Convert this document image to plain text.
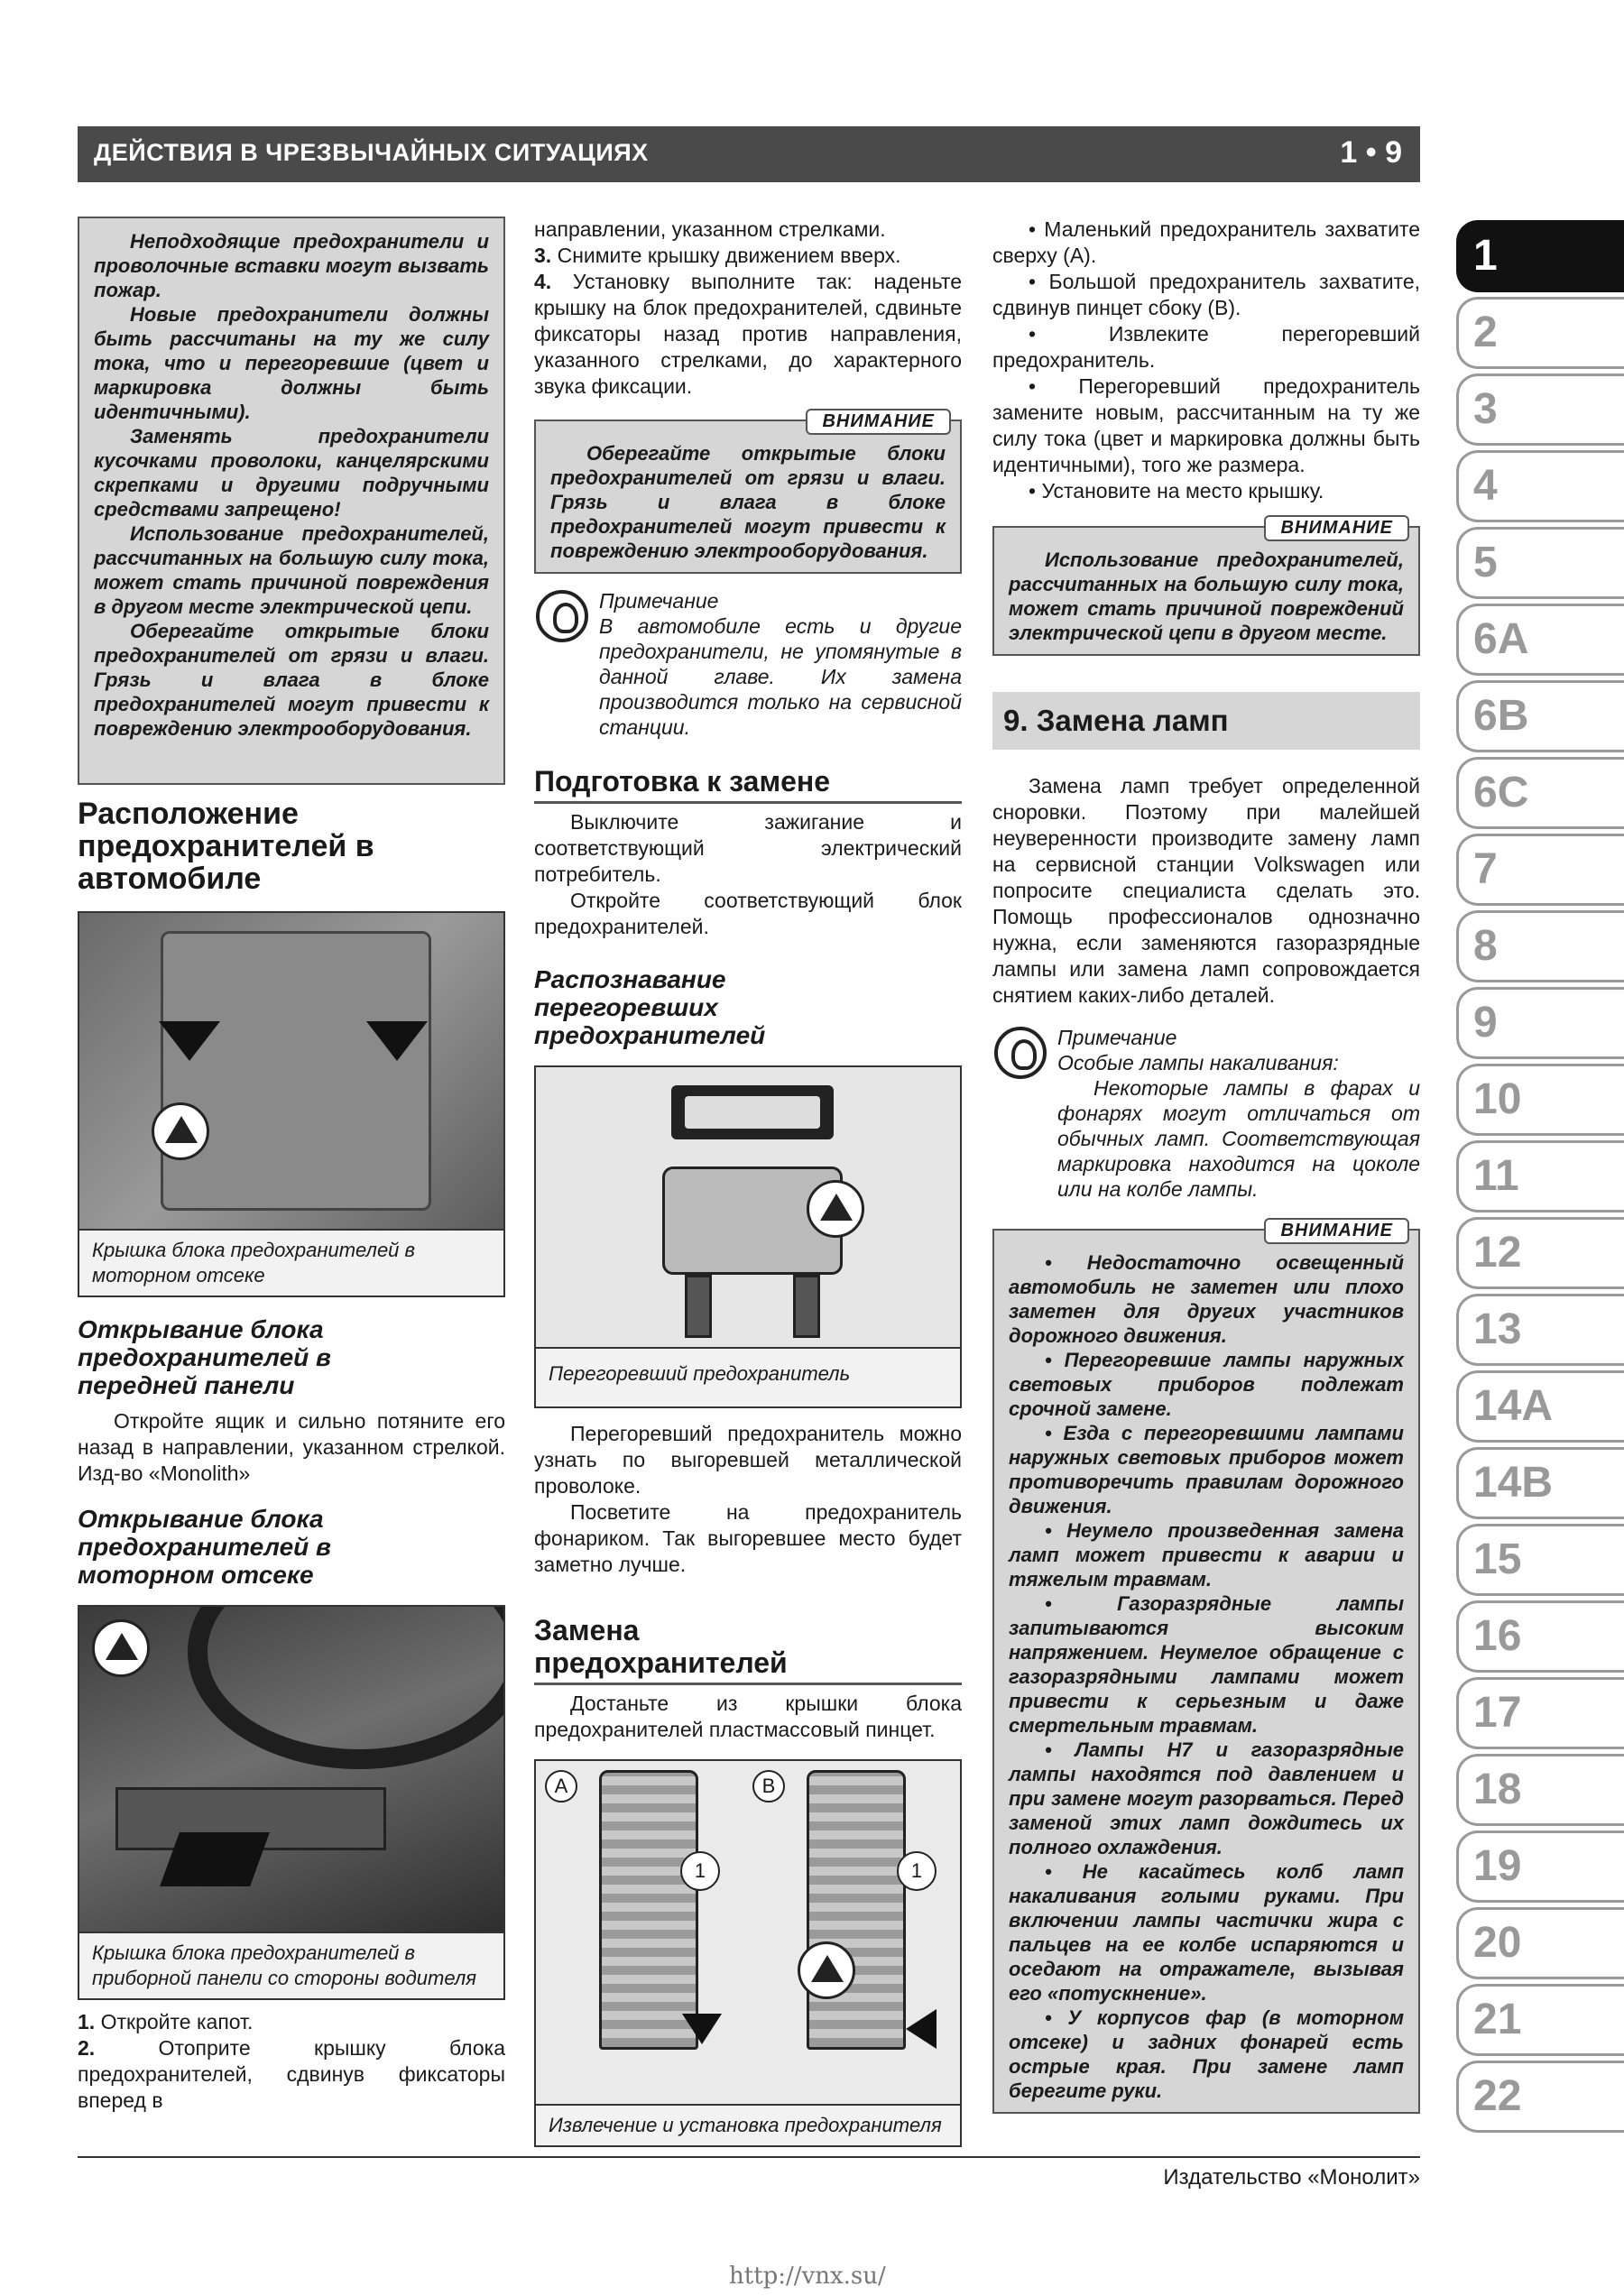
ДЕЙСТВИЯ В ЧРЕЗВЫЧАЙНЫХ СИТУАЦИЯХ	1 • 9

Неподходящие предохранители и проволочные вставки могут вызвать пожар.

Новые предохранители должны быть рассчитаны на ту же силу тока, что и перегоревшие (цвет и маркировка должны быть идентичными).

Заменять предохранители кусочками проволоки, канцелярскими скрепками и другими подручными средствами запрещено!

Использование предохранителей, рассчитанных на большую силу тока, может стать причиной повреждения в другом месте электрической цепи.

Оберегайте открытые блоки предохранителей от грязи и влаги. Грязь и влага в блоке предохранителей могут привести к повреждению электрооборудования.

Расположение предохранителей в автомобиле
Крышка блока предохранителей в моторном отсеке
Открывание блока предохранителей в передней панели

Откройте ящик и сильно потяните его назад в направлении, указанном стрелкой. Изд-во «Monolith»

Открывание блока предохранителей в моторном отсеке
Крышка блока предохранителей в приборной панели со стороны водителя

1. Откройте капот.

2.	Отоприте крышку блока предохранителей, сдвинув фиксаторы вперед в

направлении, указанном стрелками.

3. Снимите крышку движением вверх.

4. Установку выполните так: наденьте крышку на блок предохранителей, сдвиньте фиксаторы назад против направления, указанного стрелками, до характерного звука фиксации.

ВНИМАНИЕ

Оберегайте открытые блоки предохранителей от грязи и влаги. Грязь и влага в блоке предохранителей могут привести к повреждению электрооборудования.

Примечание

В автомобиле есть и другие предохранители, не упомянутые в данной главе. Их замена производится только на сервисной станции.

Подготовка к замене

Выключите зажигание и соответствующий электрический потребитель.

Откройте соответствующий блок предохранителей.

Распознавание перегоревших предохранителей
Перегоревший предохранитель

Перегоревший предохранитель можно узнать по выгоревшей металлической проволоке.

Посветите на предохранитель фонариком. Так выгоревшее место будет заметно лучше.

Замена предохранителей

Достаньте из крышки блока предохранителей пластмассовый пинцет.

A	B
1	1
Извлечение и установка предохранителя

• Маленький предохранитель захватите сверху (A).

• Большой предохранитель захватите, сдвинув пинцет сбоку (B).

• Извлеките перегоревший предохранитель.

• Перегоревший предохранитель замените новым, рассчитанным на ту же силу тока (цвет и маркировка должны быть идентичными), того же размера.

• Установите на место крышку.

ВНИМАНИЕ

Использование предохранителей, рассчитанных на большую силу тока, может стать причиной повреждений электрической цепи в другом месте.

9. Замена ламп

Замена ламп требует определенной сноровки. Поэтому при малейшей неуверенности производите замену ламп на сервисной станции Volkswagen или попросите специалиста сделать это. Помощь профессионалов однозначно нужна, если заменяются газоразрядные лампы или замена ламп сопровождается снятием каких-либо деталей.

Примечание

Особые лампы накаливания:

Некоторые лампы в фарах и фонарях могут отличаться от обычных ламп. Соответствующая маркировка находится на цоколе или на колбе лампы.

ВНИМАНИЕ

• Недостаточно освещенный автомобиль не заметен или плохо заметен для других участников дорожного движения.

• Перегоревшие лампы наружных световых приборов подлежат срочной замене.

• Езда с перегоревшими лампами наружных световых приборов может противоречить правилам дорожного движения.

• Неумело произведенная замена ламп может привести к аварии и тяжелым травмам.

• Газоразрядные лампы запитываются высоким напряжением. Неумелое обращение с газоразрядными лампами может привести к серьезным и даже смертельным травмам.

• Лампы H7 и газоразрядные лампы находятся под давлением и при замене могут разорваться. Перед заменой этих ламп дождитесь их полного охлаждения.

• Не касайтесь колб ламп накаливания голыми руками. При включении лампы частички жира с пальцев на ее колбе испаряются и оседают на отражателе, вызывая его «потускнение».

• У корпусов фар (в моторном отсеке) и задних фонарей есть острые края. При замене ламп берегите руки.

1
2
3
4
5
6A
6B
6C
7
8
9
10
11
12
13
14A
14B
15
16
17
18
19
20
21
22
Издательство «Монолит»
http://vnx.su/
